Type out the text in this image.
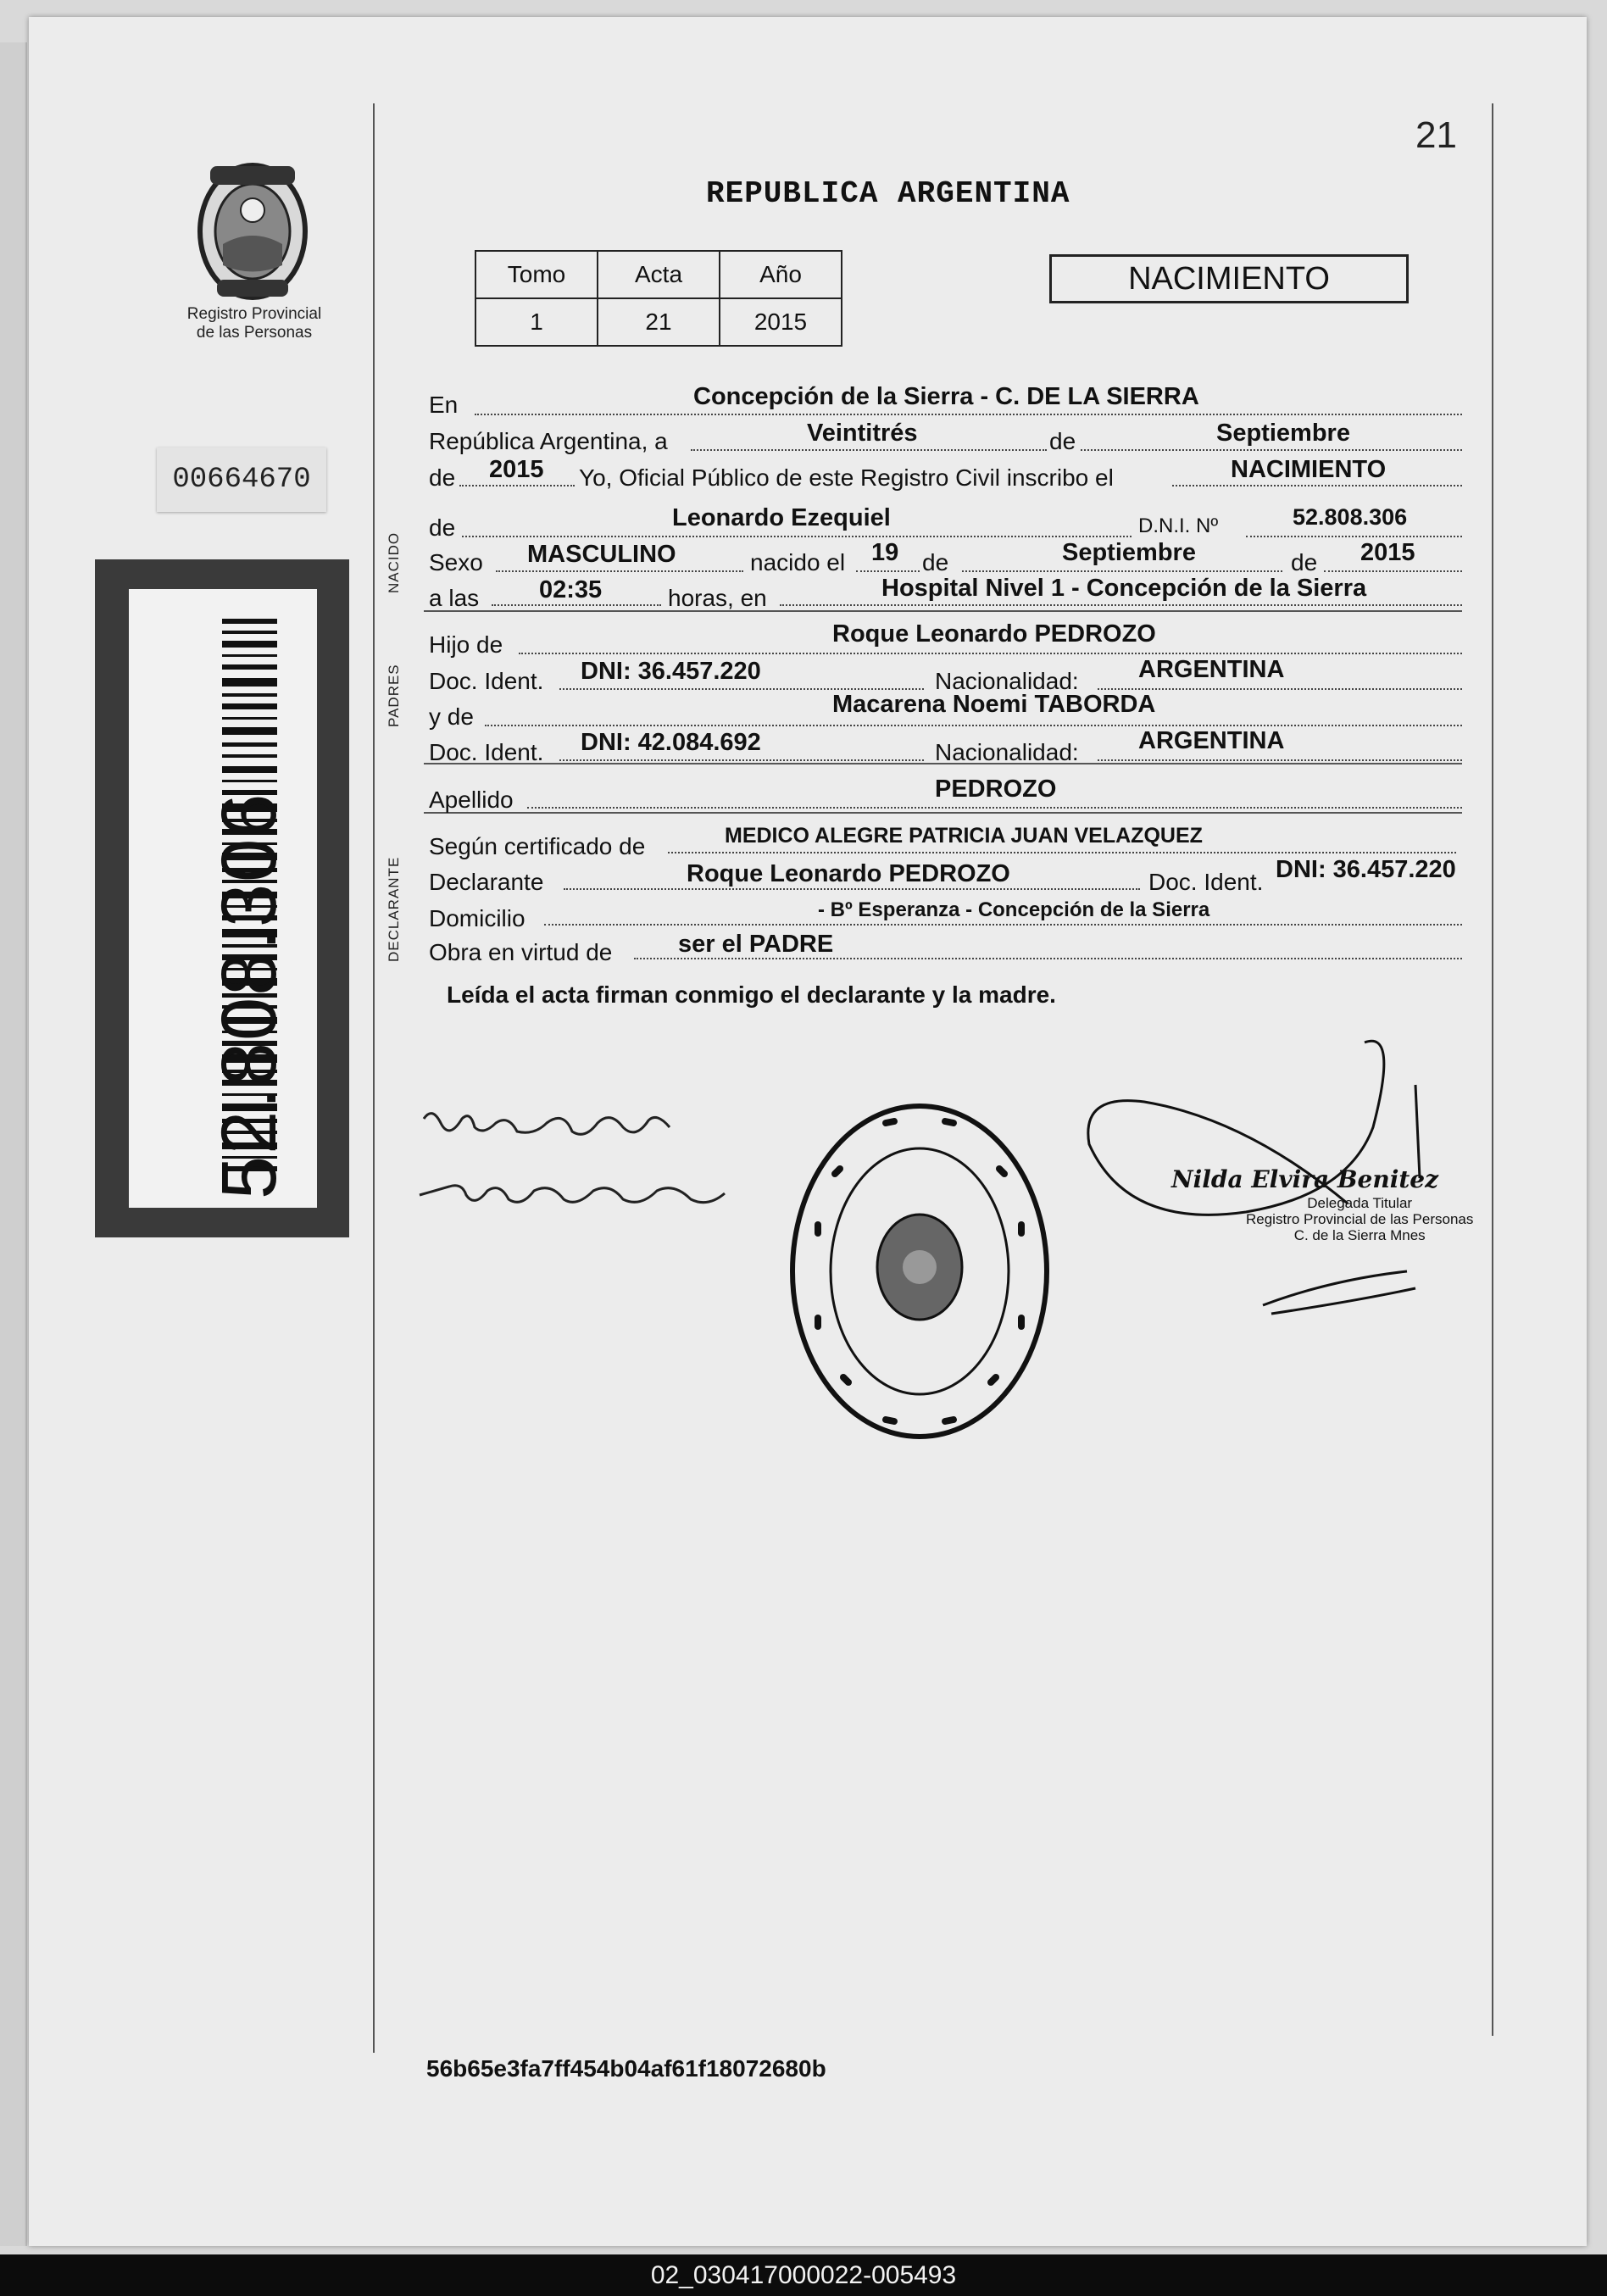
21
Registro Provincial
de las Personas
00664670
52.808.306
REPUBLICA ARGENTINA
Tomo	Acta	Año
1	21	2015
NACIMIENTO
NACIDO
PADRES
DECLARANTE
En	Concepción de la Sierra - C. DE LA SIERRA
República Argentina, a	Veintitrés	de	Septiembre
de 2015 Yo, Oficial Público de este Registro Civil inscribo el	NACIMIENTO
de	Leonardo Ezequiel	D.N.I. Nº	52.808.306
Sexo MASCULINO	nacido el 19 de	Septiembre	de 2015
a las 02:35	horas, en	Hospital Nivel 1 - Concepción de la Sierra
Hijo de	Roque Leonardo PEDROZO
Doc. Ident. DNI: 36.457.220	Nacionalidad: ARGENTINA
y de	Macarena Noemi TABORDA
Doc. Ident. DNI: 42.084.692	Nacionalidad: ARGENTINA
Apellido	PEDROZO
Según certificado de	MEDICO ALEGRE PATRICIA JUAN VELAZQUEZ
Declarante	Roque Leonardo PEDROZO	Doc. Ident. DNI: 36.457.220
Domicilio	- Bº Esperanza - Concepción de la Sierra
Obra en virtud de	ser el PADRE
Leída el acta firman conmigo el declarante y la madre.
Nilda Elvira Benitez
Delegada Titular
Registro Provincial de las Personas
C. de la Sierra Mnes
56b65e3fa7ff454b04af61f18072680b
02_030417000022-005493
